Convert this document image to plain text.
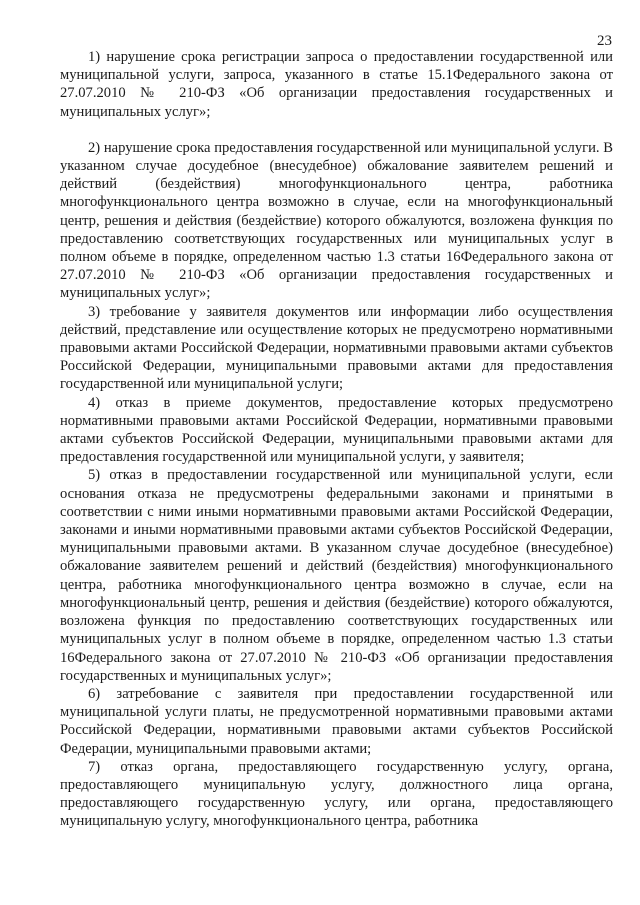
23

1) нарушение срока регистрации запроса о предоставлении государственной или муниципальной услуги, запроса, указанного в статье 15.1Федерального закона от 27.07.2010 № 210-ФЗ «Об организации предоставления государственных и муниципальных услуг»;

2) нарушение срока предоставления государственной или муниципальной услуги. В указанном случае досудебное (внесудебное) обжалование заявителем решений и действий (бездействия) многофункционального центра, работника многофункционального центра возможно в случае, если на многофункциональный центр, решения и действия (бездействие) которого обжалуются, возложена функция по предоставлению соответствующих государственных или муниципальных услуг в полном объеме в порядке, определенном частью 1.3 статьи 16Федерального закона от 27.07.2010 № 210-ФЗ «Об организации предоставления государственных и муниципальных услуг»;

3) требование у заявителя документов или информации либо осуществления действий, представление или осуществление которых не предусмотрено нормативными правовыми актами Российской Федерации, нормативными правовыми актами субъектов Российской Федерации, муниципальными правовыми актами для предоставления государственной или муниципальной услуги;

4) отказ в приеме документов, предоставление которых предусмотрено нормативными правовыми актами Российской Федерации, нормативными правовыми актами субъектов Российской Федерации, муниципальными правовыми актами для предоставления государственной или муниципальной услуги, у заявителя;

5) отказ в предоставлении государственной или муниципальной услуги, если основания отказа не предусмотрены федеральными законами и принятыми в соответствии с ними иными нормативными правовыми актами Российской Федерации, законами и иными нормативными правовыми актами субъектов Российской Федерации, муниципальными правовыми актами. В указанном случае досудебное (внесудебное) обжалование заявителем решений и действий (бездействия) многофункционального центра, работника многофункционального центра возможно в случае, если на многофункциональный центр, решения и действия (бездействие) которого обжалуются, возложена функция по предоставлению соответствующих государственных или муниципальных услуг в полном объеме в порядке, определенном частью 1.3 статьи 16Федерального закона от 27.07.2010 № 210-ФЗ «Об организации предоставления государственных и муниципальных услуг»;

6) затребование с заявителя при предоставлении государственной или муниципальной услуги платы, не предусмотренной нормативными правовыми актами Российской Федерации, нормативными правовыми актами субъектов Российской Федерации, муниципальными правовыми актами;

7) отказ органа, предоставляющего государственную услугу, органа, предоставляющего муниципальную услугу, должностного лица органа, предоставляющего государственную услугу, или органа, предоставляющего муниципальную услугу, многофункционального центра, работника
